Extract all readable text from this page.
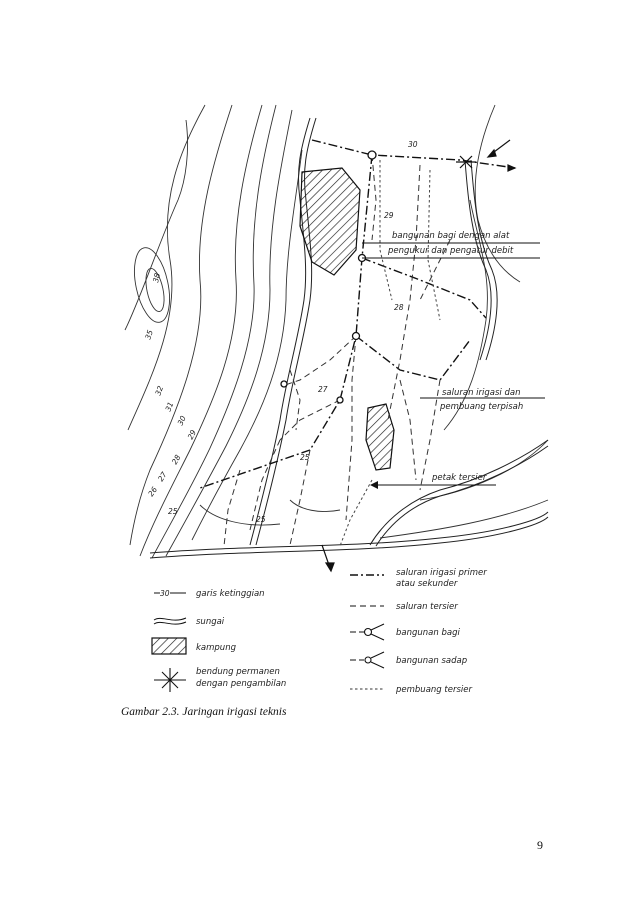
30
29
28
27
25
25
38
35
32
31
30
29
28
27
26
25
bangunan bagi dengan alat
pengukur dan pengatur debit
saluran irigasi dan
pembuang terpisah
petak tersier
30	garis ketinggian
sungai
kampung
bendung permanen
dengan pengambilan
saluran irigasi primer
atau sekunder
saluran tersier
bangunan bagi
bangunan sadap
pembuang tersier
Gambar 2.3. Jaringan irigasi teknis
9
